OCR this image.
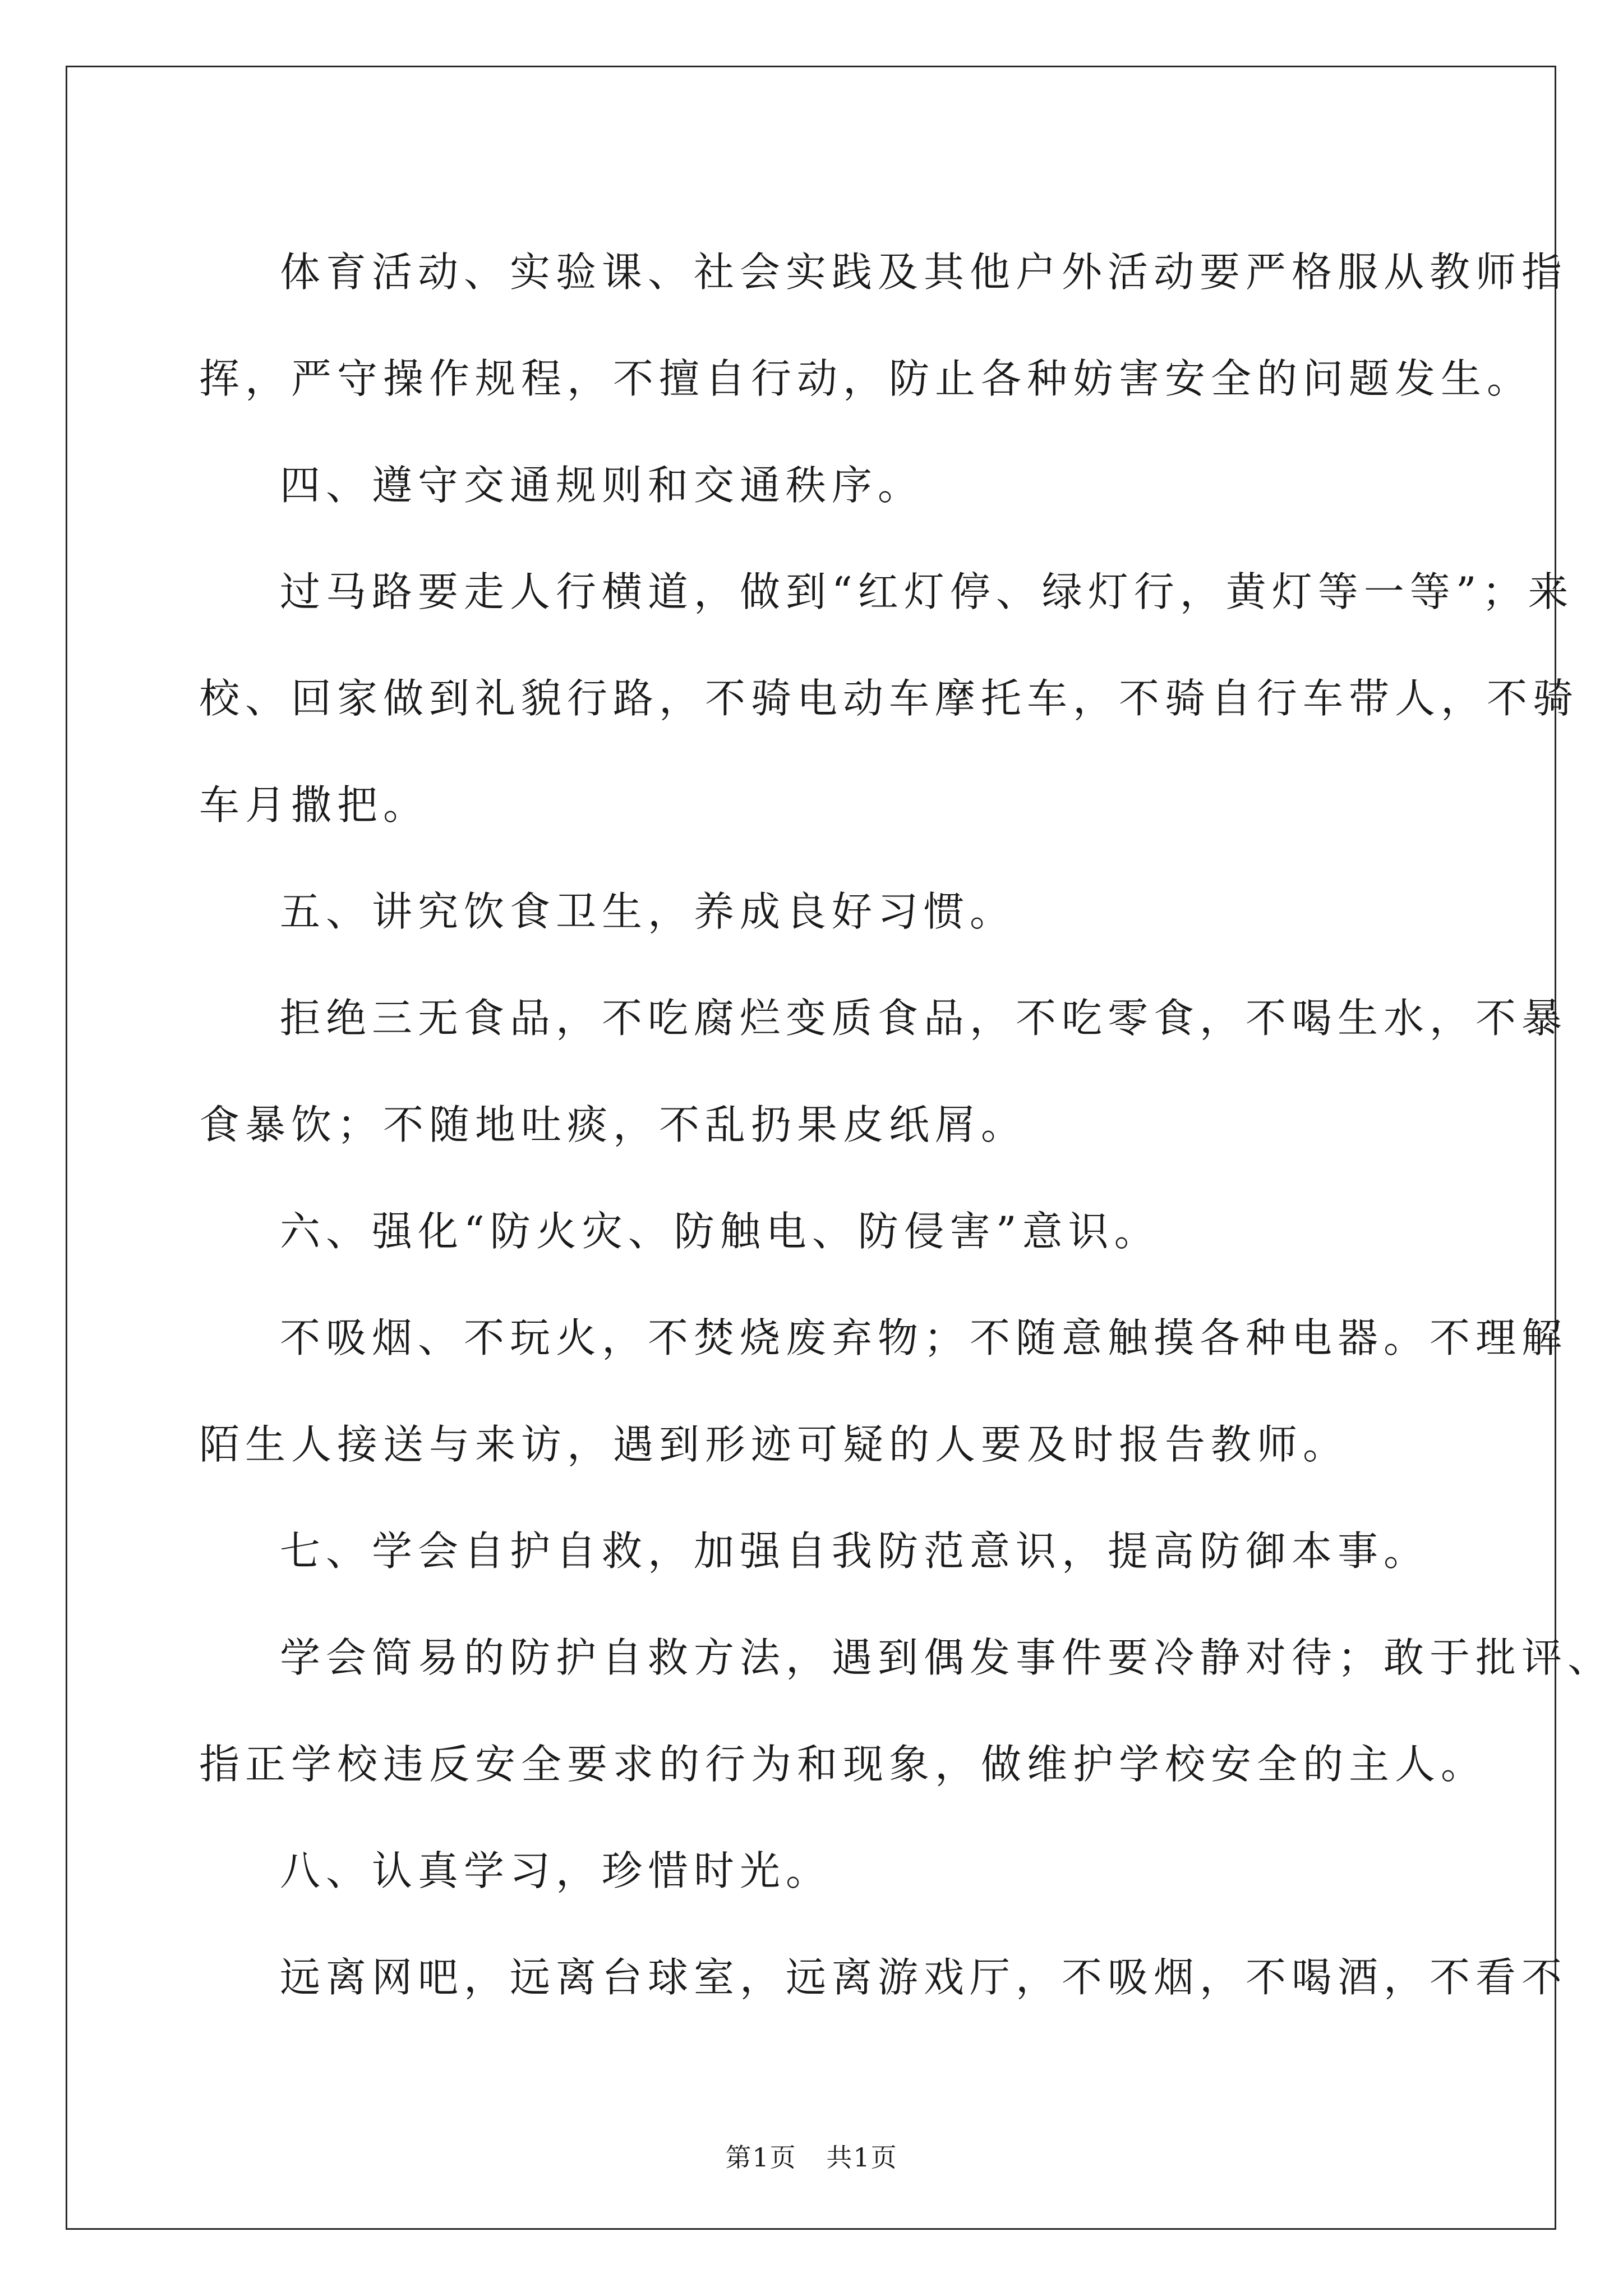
体育活动、实验课、社会实践及其他户外活动要严格服从教师指
挥，严守操作规程，不擅自行动，防止各种妨害安全的问题发生。
四、遵守交通规则和交通秩序。
过马路要走人行横道，做到“红灯停、绿灯行，黄灯等一等”；来
校、回家做到礼貌行路，不骑电动车摩托车，不骑自行车带人，不骑
车月撒把。
五、讲究饮食卫生，养成良好习惯。
拒绝三无食品，不吃腐烂变质食品，不吃零食，不喝生水，不暴
食暴饮；不随地吐痰，不乱扔果皮纸屑。
六、强化“防火灾、防触电、防侵害”意识。
不吸烟、不玩火，不焚烧废弃物；不随意触摸各种电器。不理解
陌生人接送与来访，遇到形迹可疑的人要及时报告教师。
七、学会自护自救，加强自我防范意识，提高防御本事。
学会简易的防护自救方法，遇到偶发事件要冷静对待；敢于批评、
指正学校违反安全要求的行为和现象，做维护学校安全的主人。
八、认真学习，珍惜时光。
远离网吧，远离台球室，远离游戏厅，不吸烟，不喝酒，不看不
第1页 共1页
